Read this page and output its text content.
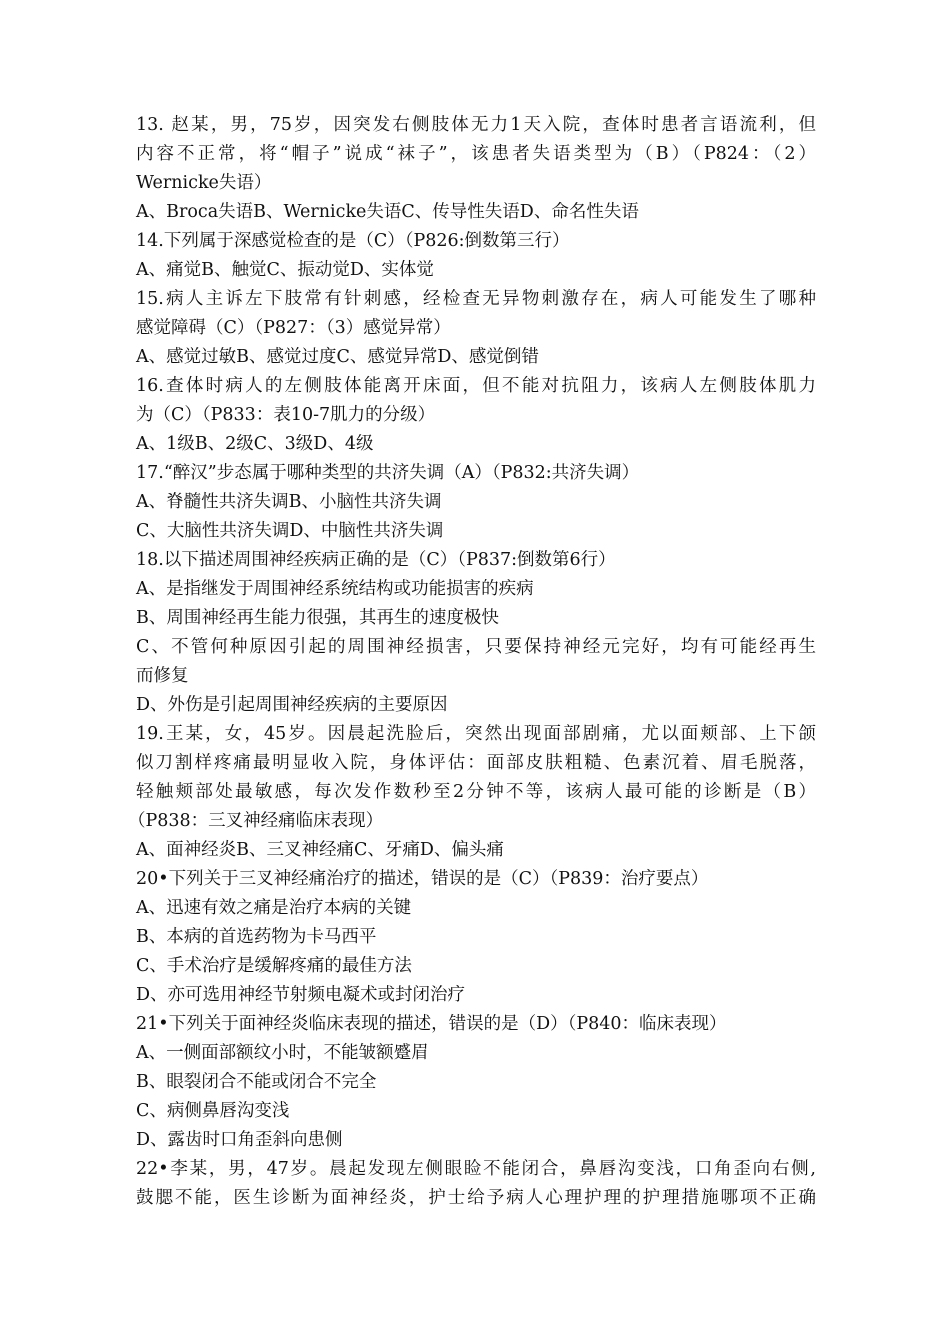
13. 赵某，男，75岁，因突发右侧肢体无力1天入院，查体时患者言语流利，但
内容不正常，将“帽子”说成“袜子”，该患者失语类型为（B）（P824：（2）
Wernicke失语）
A、Broca失语B、Wernicke失语C、传导性失语D、命名性失语
14.下列属于深感觉检查的是（C）（P826:倒数第三行）
A、痛觉B、触觉C、振动觉D、实体觉
15.病人主诉左下肢常有针刺感，经检查无异物刺激存在，病人可能发生了哪种
感觉障碍（C）（P827：（3）感觉异常）
A、感觉过敏B、感觉过度C、感觉异常D、感觉倒错
16.查体时病人的左侧肢体能离开床面，但不能对抗阻力，该病人左侧肢体肌力
为（C）（P833：表10-7肌力的分级）
A、1级B、2级C、3级D、4级
17.“醉汉”步态属于哪种类型的共济失调（A）（P832:共济失调）
A、脊髓性共济失调B、小脑性共济失调
C、大脑性共济失调D、中脑性共济失调
18.以下描述周围神经疾病正确的是（C）（P837:倒数第6行）
A、是指继发于周围神经系统结构或功能损害的疾病
B、周围神经再生能力很强，其再生的速度极快
C、不管何种原因引起的周围神经损害，只要保持神经元完好，均有可能经再生
而修复
D、外伤是引起周围神经疾病的主要原因
19.王某，女，45岁。因晨起洗脸后，突然出现面部剧痛，尤以面颊部、上下颌
似刀割样疼痛最明显收入院，身体评估：面部皮肤粗糙、色素沉着、眉毛脱落，
轻触颊部处最敏感，每次发作数秒至2分钟不等，该病人最可能的诊断是（B）
（P838：三叉神经痛临床表现）
A、面神经炎B、三叉神经痛C、牙痛D、偏头痛
20•下列关于三叉神经痛治疗的描述，错误的是（C）（P839：治疗要点）
A、迅速有效之痛是治疗本病的关键
B、本病的首选药物为卡马西平
C、手术治疗是缓解疼痛的最佳方法
D、亦可选用神经节射频电凝术或封闭治疗
21•下列关于面神经炎临床表现的描述，错误的是（D）（P840：临床表现）
A、一侧面部额纹小时，不能皱额蹙眉
B、眼裂闭合不能或闭合不完全
C、病侧鼻唇沟变浅
D、露齿时口角歪斜向患侧
22•李某，男，47岁。晨起发现左侧眼睑不能闭合，鼻唇沟变浅，口角歪向右侧,
鼓腮不能，医生诊断为面神经炎，护士给予病人心理护理的护理措施哪项不正确
